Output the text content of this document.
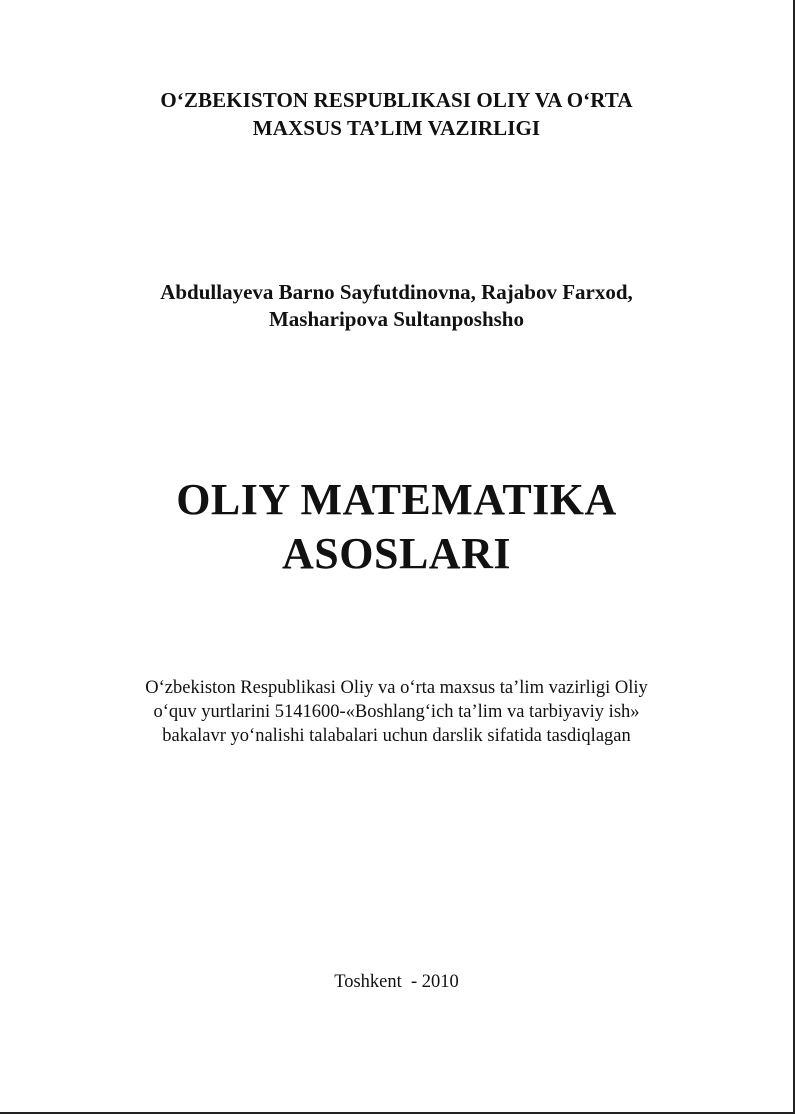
O‘ZBEKISTON RESPUBLIKASI OLIY VA O‘RTA
MAXSUS TA’LIM VAZIRLIGI
Abdullayeva Barno Sayfutdinovna, Rajabov Farxod,
Masharipova Sultanposhsho
OLIY MATEMATIKA
ASOSLARI
O‘zbekiston Respublikasi Oliy va o‘rta maxsus ta’lim vazirligi Oliy
o‘quv yurtlarini 5141600-«Boshlang‘ich ta’lim va tarbiyaviy ish»
bakalavr yo‘nalishi talabalari uchun darslik sifatida tasdiqlagan
Toshkent  - 2010
